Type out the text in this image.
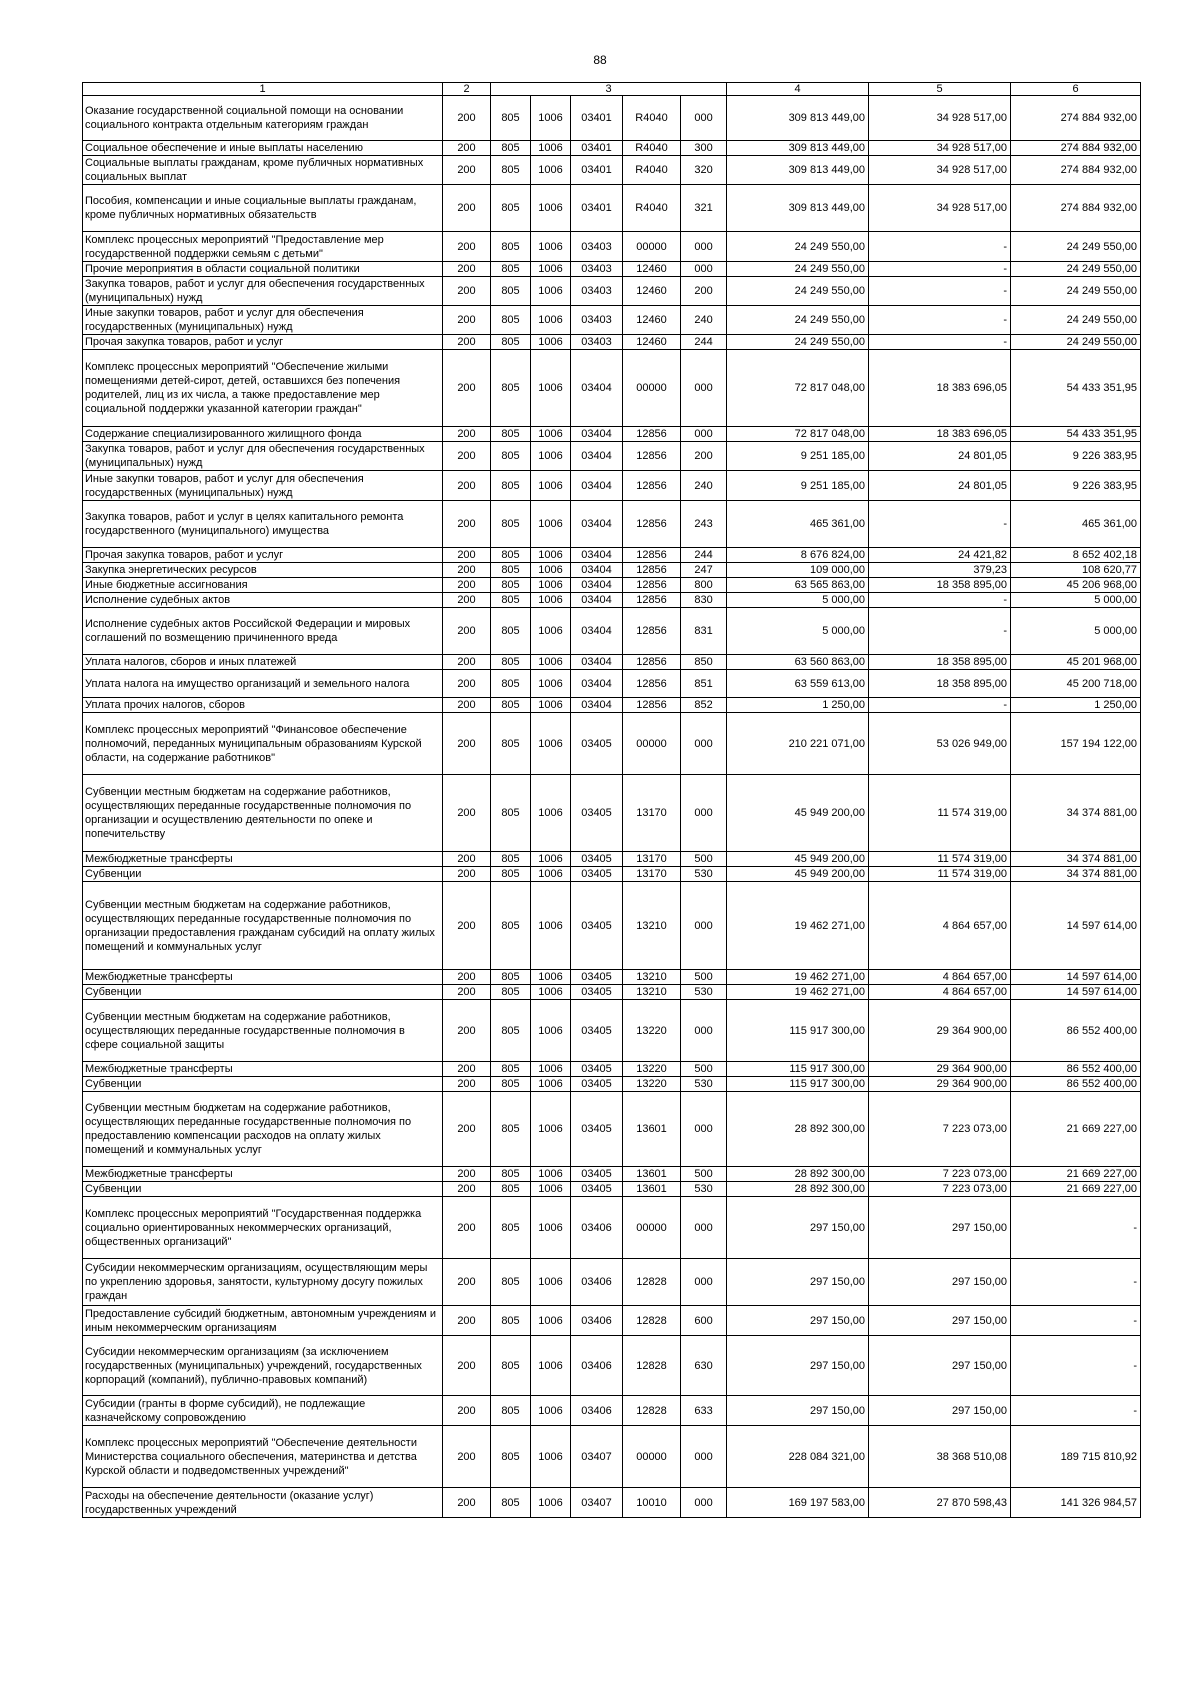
88
1	2	3					4	5	6
Оказание государственной социальной помощи на основании социального контракта отдельным категориям граждан	200	805	1006	03401	R4040	000	309 813 449,00	34 928 517,00	274 884 932,00
Социальное обеспечение и иные выплаты населению	200	805	1006	03401	R4040	300	309 813 449,00	34 928 517,00	274 884 932,00
Социальные выплаты гражданам, кроме публичных нормативных социальных выплат	200	805	1006	03401	R4040	320	309 813 449,00	34 928 517,00	274 884 932,00
Пособия, компенсации и иные социальные выплаты гражданам, кроме публичных нормативных обязательств	200	805	1006	03401	R4040	321	309 813 449,00	34 928 517,00	274 884 932,00
Комплекс процессных мероприятий "Предоставление мер государственной поддержки семьям с детьми"	200	805	1006	03403	00000	000	24 249 550,00	-	24 249 550,00
Прочие мероприятия в области социальной политики	200	805	1006	03403	12460	000	24 249 550,00	-	24 249 550,00
Закупка товаров, работ и услуг для обеспечения государственных (муниципальных) нужд	200	805	1006	03403	12460	200	24 249 550,00	-	24 249 550,00
Иные закупки товаров, работ и услуг для обеспечения государственных (муниципальных) нужд	200	805	1006	03403	12460	240	24 249 550,00	-	24 249 550,00
Прочая закупка товаров, работ и услуг	200	805	1006	03403	12460	244	24 249 550,00	-	24 249 550,00
Комплекс процессных мероприятий "Обеспечение жилыми помещениями детей-сирот, детей, оставшихся без попечения родителей, лиц из их числа, а также предоставление мер социальной поддержки указанной категории граждан"	200	805	1006	03404	00000	000	72 817 048,00	18 383 696,05	54 433 351,95
Содержание специализированного жилищного фонда	200	805	1006	03404	12856	000	72 817 048,00	18 383 696,05	54 433 351,95
Закупка товаров, работ и услуг для обеспечения государственных (муниципальных) нужд	200	805	1006	03404	12856	200	9 251 185,00	24 801,05	9 226 383,95
Иные закупки товаров, работ и услуг для обеспечения государственных (муниципальных) нужд	200	805	1006	03404	12856	240	9 251 185,00	24 801,05	9 226 383,95
Закупка товаров, работ и услуг в целях капитального ремонта государственного (муниципального) имущества	200	805	1006	03404	12856	243	465 361,00	-	465 361,00
Прочая закупка товаров, работ и услуг	200	805	1006	03404	12856	244	8 676 824,00	24 421,82	8 652 402,18
Закупка энергетических ресурсов	200	805	1006	03404	12856	247	109 000,00	379,23	108 620,77
Иные бюджетные ассигнования	200	805	1006	03404	12856	800	63 565 863,00	18 358 895,00	45 206 968,00
Исполнение судебных актов	200	805	1006	03404	12856	830	5 000,00	-	5 000,00
Исполнение судебных актов Российской Федерации и мировых соглашений по возмещению причиненного вреда	200	805	1006	03404	12856	831	5 000,00	-	5 000,00
Уплата налогов, сборов и иных платежей	200	805	1006	03404	12856	850	63 560 863,00	18 358 895,00	45 201 968,00
Уплата налога на имущество организаций и земельного налога	200	805	1006	03404	12856	851	63 559 613,00	18 358 895,00	45 200 718,00
Уплата прочих налогов, сборов	200	805	1006	03404	12856	852	1 250,00	-	1 250,00
Комплекс процессных мероприятий "Финансовое обеспечение полномочий, переданных муниципальным образованиям Курской области, на содержание работников"	200	805	1006	03405	00000	000	210 221 071,00	53 026 949,00	157 194 122,00
Субвенции местным бюджетам на содержание работников, осуществляющих переданные государственные полномочия по организации и осуществлению деятельности по опеке и попечительству	200	805	1006	03405	13170	000	45 949 200,00	11 574 319,00	34 374 881,00
Межбюджетные трансферты	200	805	1006	03405	13170	500	45 949 200,00	11 574 319,00	34 374 881,00
Субвенции	200	805	1006	03405	13170	530	45 949 200,00	11 574 319,00	34 374 881,00
Субвенции местным бюджетам на содержание работников, осуществляющих переданные государственные полномочия по организации предоставления гражданам субсидий на оплату жилых помещений и коммунальных услуг	200	805	1006	03405	13210	000	19 462 271,00	4 864 657,00	14 597 614,00
Межбюджетные трансферты	200	805	1006	03405	13210	500	19 462 271,00	4 864 657,00	14 597 614,00
Субвенции	200	805	1006	03405	13210	530	19 462 271,00	4 864 657,00	14 597 614,00
Субвенции местным бюджетам на содержание работников, осуществляющих переданные государственные полномочия в сфере социальной защиты	200	805	1006	03405	13220	000	115 917 300,00	29 364 900,00	86 552 400,00
Межбюджетные трансферты	200	805	1006	03405	13220	500	115 917 300,00	29 364 900,00	86 552 400,00
Субвенции	200	805	1006	03405	13220	530	115 917 300,00	29 364 900,00	86 552 400,00
Субвенции местным бюджетам на содержание работников, осуществляющих переданные государственные полномочия по предоставлению компенсации расходов на оплату жилых помещений и коммунальных услуг	200	805	1006	03405	13601	000	28 892 300,00	7 223 073,00	21 669 227,00
Межбюджетные трансферты	200	805	1006	03405	13601	500	28 892 300,00	7 223 073,00	21 669 227,00
Субвенции	200	805	1006	03405	13601	530	28 892 300,00	7 223 073,00	21 669 227,00
Комплекс процессных мероприятий "Государственная поддержка социально ориентированных некоммерческих организаций, общественных организаций"	200	805	1006	03406	00000	000	297 150,00	297 150,00	-
Субсидии некоммерческим организациям, осуществляющим меры по укреплению здоровья, занятости, культурному досугу пожилых граждан	200	805	1006	03406	12828	000	297 150,00	297 150,00	-
Предоставление субсидий бюджетным, автономным учреждениям и иным некоммерческим организациям	200	805	1006	03406	12828	600	297 150,00	297 150,00	-
Субсидии некоммерческим организациям (за исключением государственных (муниципальных) учреждений, государственных корпораций (компаний), публично-правовых компаний)	200	805	1006	03406	12828	630	297 150,00	297 150,00	-
Субсидии (гранты в форме субсидий), не подлежащие казначейскому сопровождению	200	805	1006	03406	12828	633	297 150,00	297 150,00	-
Комплекс процессных мероприятий "Обеспечение деятельности Министерства социального обеспечения, материнства и детства Курской области и подведомственных учреждений"	200	805	1006	03407	00000	000	228 084 321,00	38 368 510,08	189 715 810,92
Расходы на обеспечение деятельности (оказание услуг) государственных учреждений	200	805	1006	03407	10010	000	169 197 583,00	27 870 598,43	141 326 984,57
